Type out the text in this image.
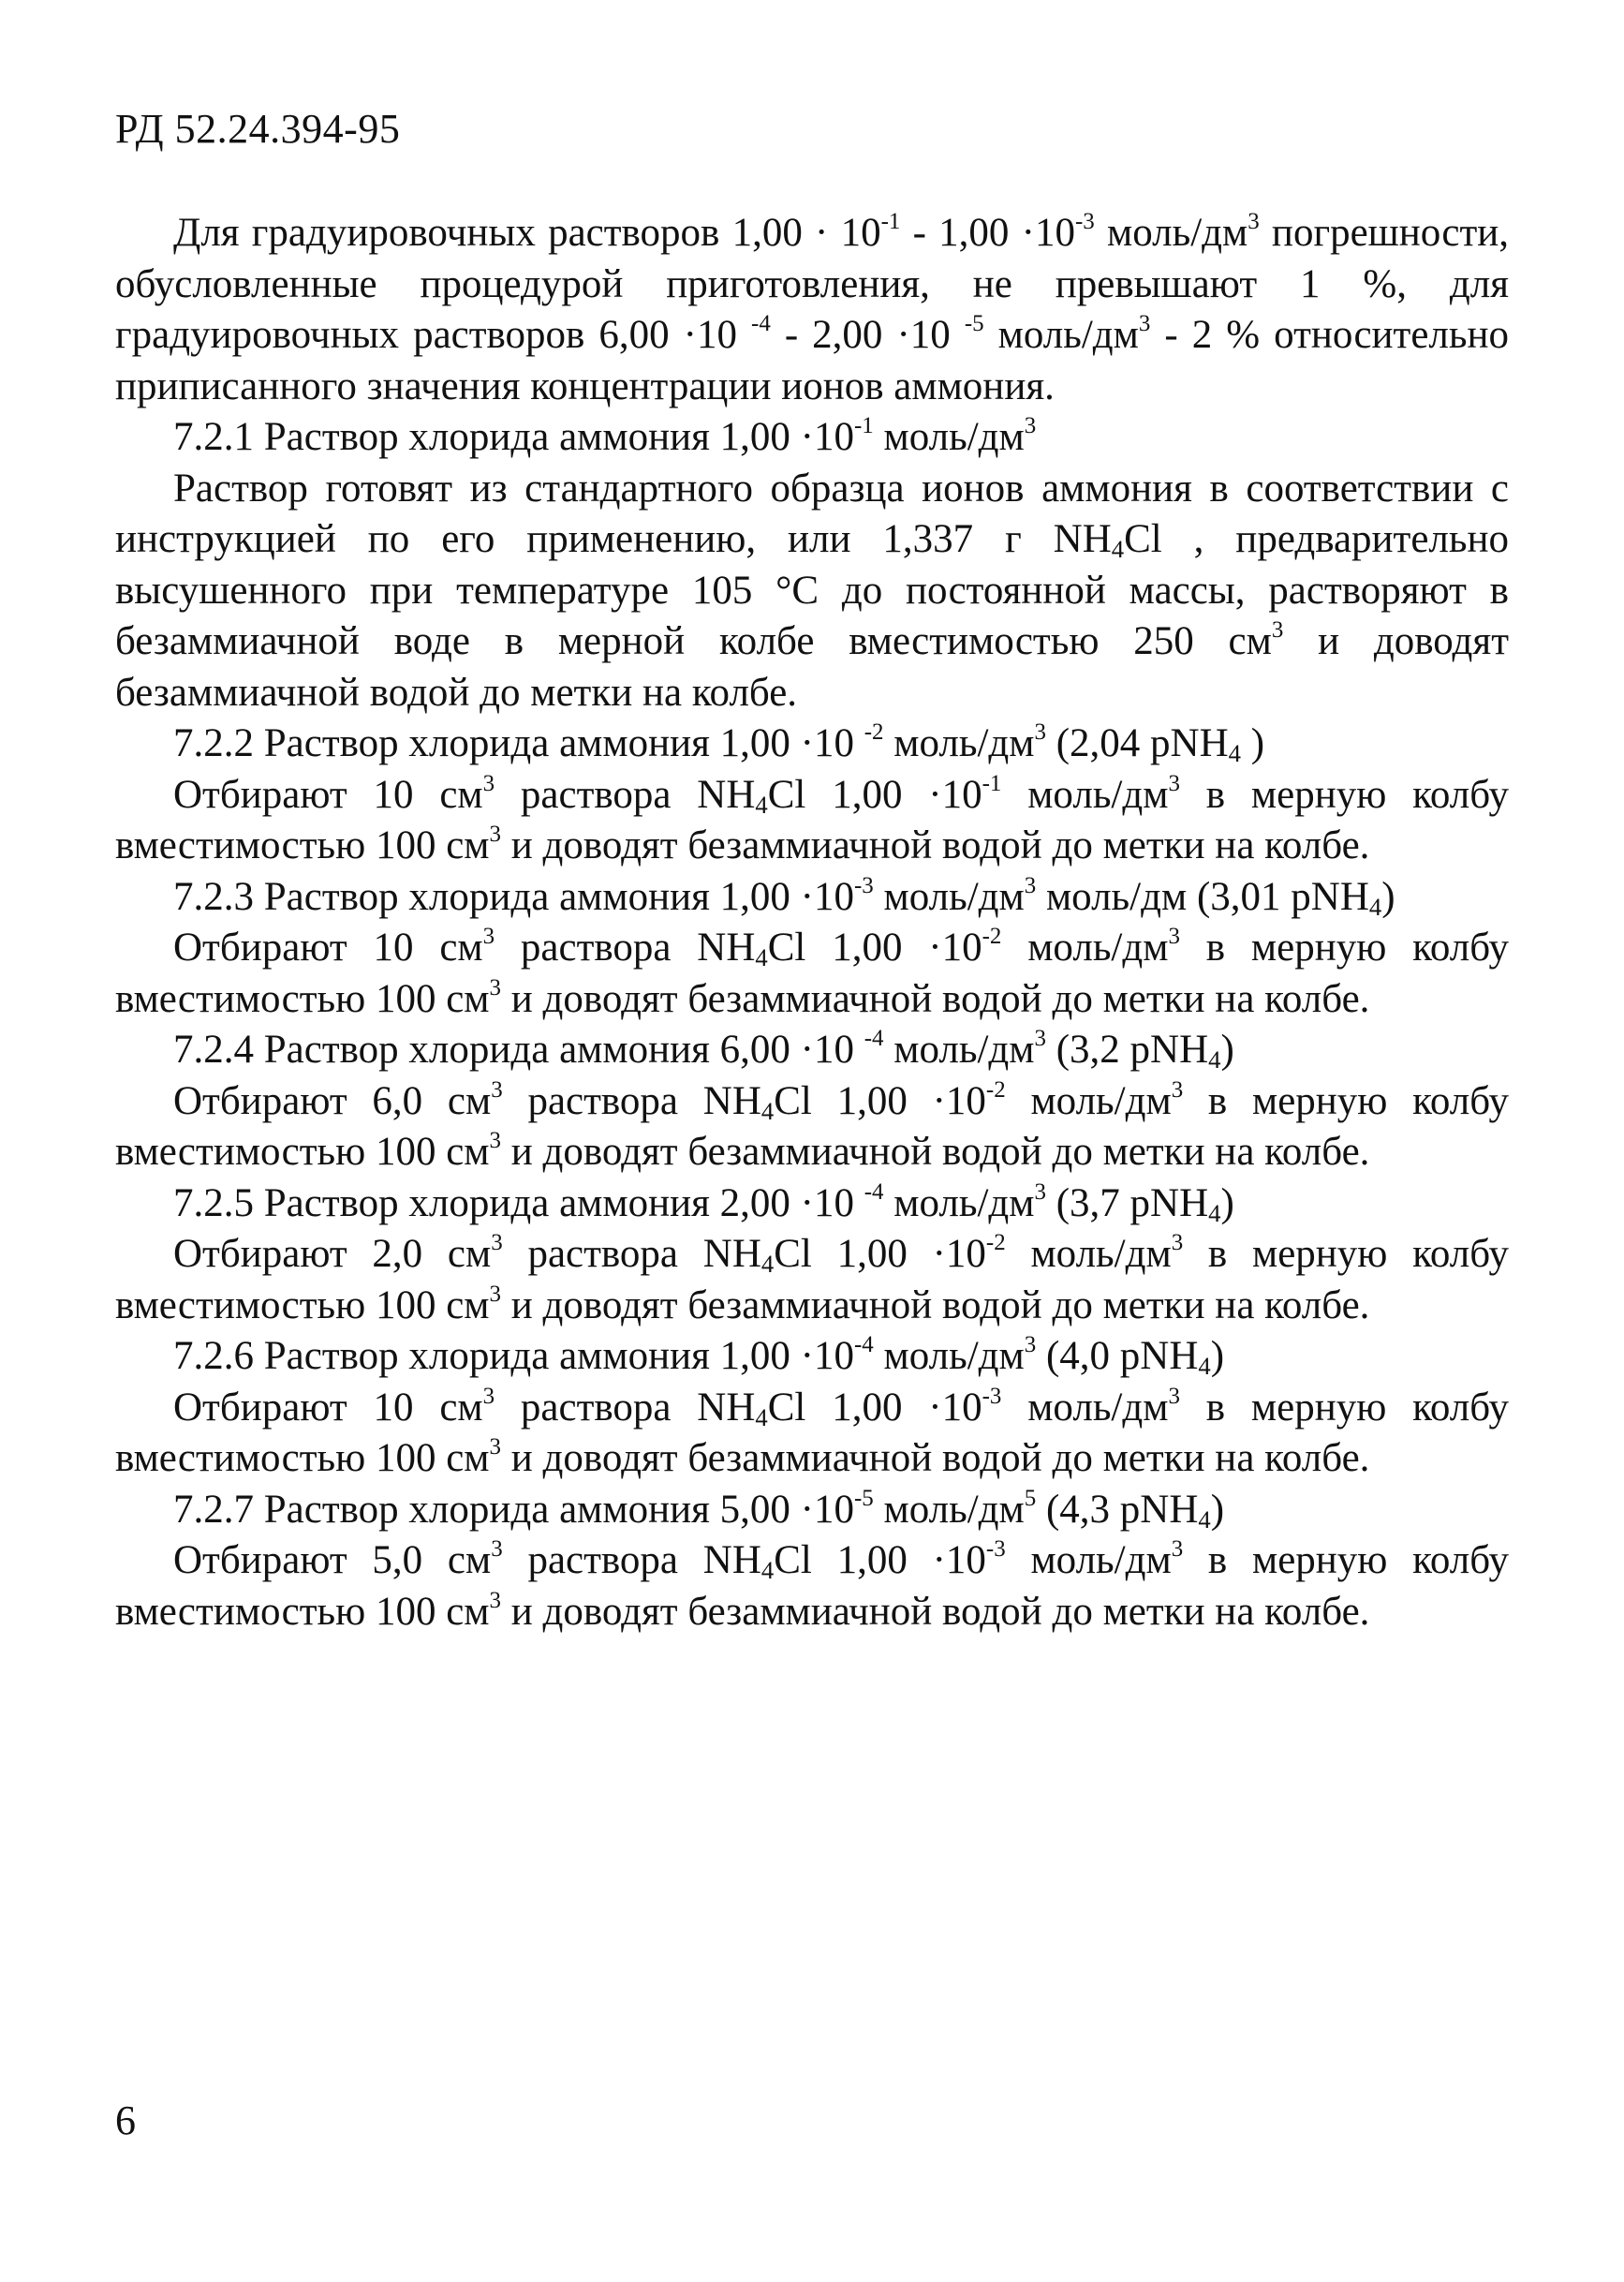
РД 52.24.394-95

Для градуировочных растворов $1,00 \cdot 10^{-1} - 1,00 \cdot 10^{-3}$ моль/$дм^3$ погрешности, обусловленные процедурой приготовления, не превышают 1 %, для градуировочных растворов 6,00 ·10 $^{-4}$ - 2,00 ·10 $^{-5}$ моль/$дм^3 - 2$ % относительно приписанного значения концентрации ионов аммония.

7.2.1 Раствор хлорида аммония $1,00 \cdot 10^{-1}$ моль/$дм^3$

Раствор готовят из стандартного образца ионов аммония в соответствии с инструкцией по его применению, или 1,337 г $NH_4Cl$ , предварительно высушенного при температуре 105 °С до постоянной массы, растворяют в безаммиачной воде в мерной колбе вместимостью 250 $см^3$ и доводят безаммиачной водой до метки на колбе.

7.2.2 Раствор хлорида аммония 1,00 ·10 $^{-2}$ моль/$дм^3$ (2,04 pNH$_4$ )

Отбирают 10 $см^3$ раствора $NH_4Cl$ $1,00 \cdot 10^{-1}$ моль/$дм^3$ в мерную колбу вместимостью 100 $см^3$ и доводят безаммиачной водой до метки на колбе.

7.2.3 Раствор хлорида аммония $1,00 \cdot 10^{-3}$ моль/$дм^3$ моль/дм (3,01 pNH$_4$)

Отбирают 10 $см^3$ раствора $NH_4Cl$ $1,00 \cdot 10^{-2}$ моль/$дм^3$ в мерную колбу вместимостью 100 $см^3$ и доводят безаммиачной водой до метки на колбе.

7.2.4 Раствор хлорида аммония 6,00 ·10 $^{-4}$ моль/$дм^3$ (3,2 pNH$_4$)

Отбирают 6,0 $см^3$ раствора $NH_4Cl$ $1,00 \cdot 10^{-2}$ моль/$дм^3$ в мерную колбу вместимостью 100 $см^3$ и доводят безаммиачной водой до метки на колбе.

7.2.5 Раствор хлорида аммония 2,00 ·10 $^{-4}$ моль/$дм^3$ (3,7 pNH$_4$)

Отбирают 2,0 $см^3$ раствора $NH_4Cl$ $1,00 \cdot 10^{-2}$ моль/$дм^3$ в мерную колбу вместимостью 100 $см^3$ и доводят безаммиачной водой до метки на колбе.

7.2.6 Раствор хлорида аммония $1,00 \cdot 10^{-4}$ моль/$дм^3$ (4,0 pNH$_4$)

Отбирают 10 $см^3$ раствора $NH_4Cl$ $1,00 \cdot 10^{-3}$ моль/$дм^3$ в мерную колбу вместимостью 100 $см^3$ и доводят безаммиачной водой до метки на колбе.

7.2.7 Раствор хлорида аммония $5,00 \cdot 10^{-5}$ моль/$дм^5$ (4,3 pNH$_4$)

Отбирают 5,0 $см^3$ раствора $NH_4Cl$ $1,00 \cdot 10^{-3}$ моль/$дм^3$ в мерную колбу вместимостью 100 $см^3$ и доводят безаммиачной водой до метки на колбе.

6
